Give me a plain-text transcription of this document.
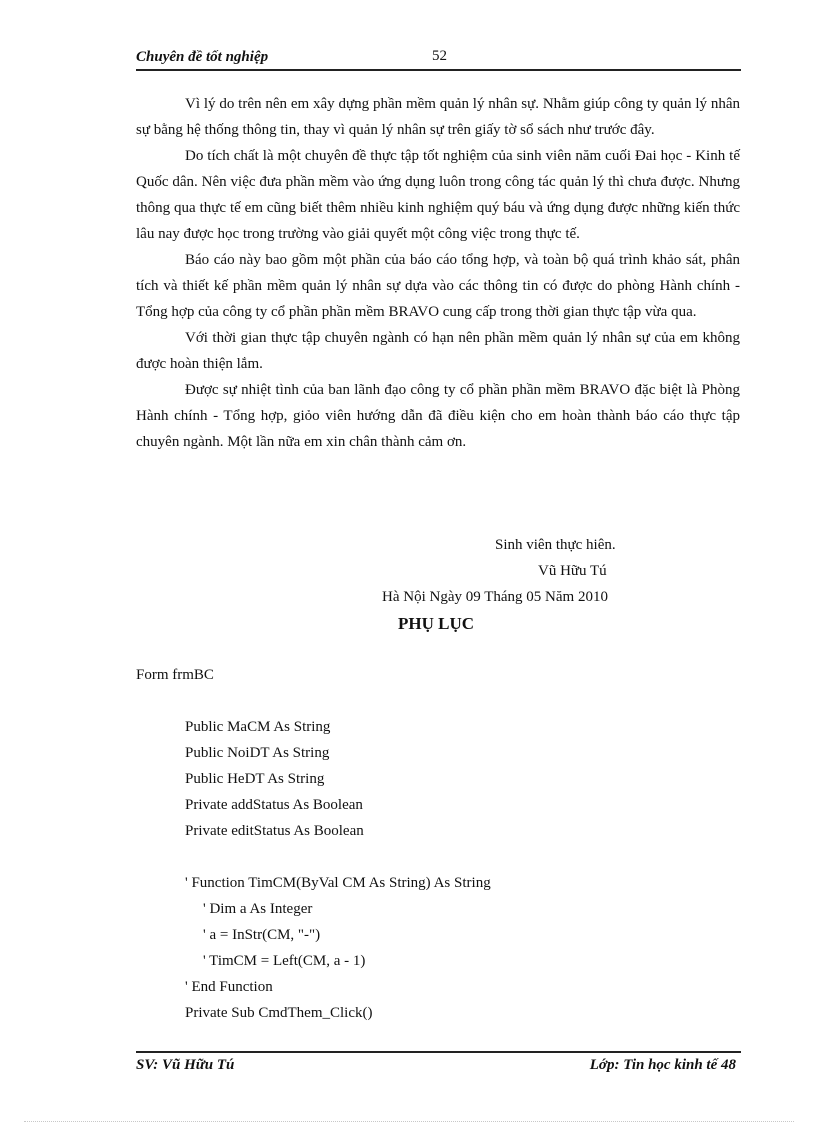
Chuyên đề tốt nghiệp	52

Vì lý do trên nên em xây dựng phần mềm quản lý nhân sự. Nhằm giúp công ty quản lý nhân sự bằng hệ thống thông tin, thay vì quản lý nhân sự trên giấy tờ sổ sách như trước đây.

Do tích chất là một chuyên đề thực tập tốt nghiệm của sinh viên năm cuối Đai học - Kinh tế Quốc dân. Nên việc đưa phần mềm vào ứng dụng luôn trong công tác quản lý thì chưa được. Nhưng thông qua thực tế em cũng biết thêm nhiều kinh nghiệm quý báu và ứng dụng được những kiến thức lâu nay được học trong trường vào giải quyết một công việc trong thực tế.

Báo cáo này bao gồm một phần của báo cáo tổng hợp, và toàn bộ quá trình khảo sát, phân tích và thiết kế phần mềm quản lý nhân sự dựa vào các thông tin có được do phòng Hành chính - Tổng hợp của công ty cổ phần phần mềm BRAVO cung cấp trong thời gian thực tập vừa qua.

Với thời gian thực tập chuyên ngành có hạn nên phần mềm quản lý nhân sự của em không được hoàn thiện lắm.

Được sự nhiệt tình của ban lãnh đạo công ty cổ phần phần mềm BRAVO đặc biệt là Phòng Hành chính - Tổng hợp, giỏo viên hướng dẫn đã điều kiện cho em hoàn thành báo cáo thực tập chuyên ngành. Một lần nữa em xin chân thành cảm ơn.

Sinh viên thực hiên.
Vũ Hữu Tú
Hà Nội Ngày 09 Tháng 05 Năm 2010
PHỤ LỤC
Form frmBC
Public MaCM As String
Public NoiDT As String
Public HeDT As String
Private addStatus As Boolean
Private editStatus As Boolean
' Function TimCM(ByVal CM As String) As String
' Dim a As Integer
' a = InStr(CM, "-")
' TimCM = Left(CM, a - 1)
' End Function
Private Sub CmdThem_Click()
SV: Vũ Hữu Tú	Lớp: Tin học kinh tế 48
